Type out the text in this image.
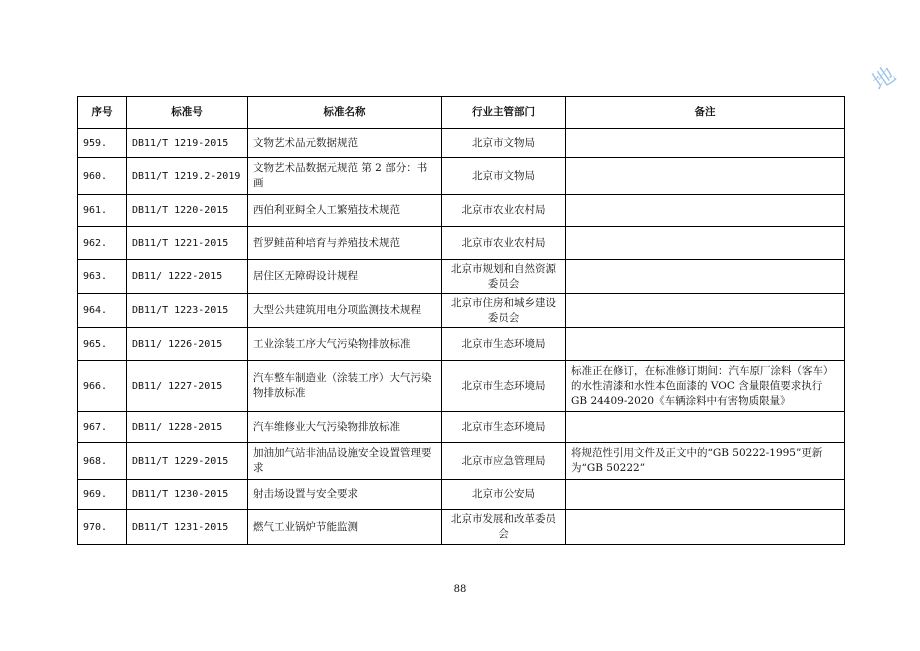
地
序号	标准号	标准名称	行业主管部门	备注
959.	DB11/T 1219-2015	文物艺术品元数据规范	北京市文物局	
960.	DB11/T 1219.2-2019	文物艺术品数据元规范 第 2 部分：书画	北京市文物局	
961.	DB11/T 1220-2015	西伯利亚鲟全人工繁殖技术规范	北京市农业农村局	
962.	DB11/T 1221-2015	哲罗鲑苗种培育与养殖技术规范	北京市农业农村局	
963.	DB11/ 1222-2015	居住区无障碍设计规程	北京市规划和自然资源委员会	
964.	DB11/T 1223-2015	大型公共建筑用电分项监测技术规程	北京市住房和城乡建设委员会	
965.	DB11/ 1226-2015	工业涂装工序大气污染物排放标准	北京市生态环境局	
966.	DB11/ 1227-2015	汽车整车制造业（涂装工序）大气污染物排放标准	北京市生态环境局	标准正在修订，在标准修订期间：汽车原厂涂料（客车）的水性清漆和水性本色面漆的 VOC 含量限值要求执行 GB 24409-2020《车辆涂料中有害物质限量》
967.	DB11/ 1228-2015	汽车维修业大气污染物排放标准	北京市生态环境局	
968.	DB11/T 1229-2015	加油加气站非油品设施安全设置管理要求	北京市应急管理局	将规范性引用文件及正文中的“GB 50222-1995”更新为“GB 50222”
969.	DB11/T 1230-2015	射击场设置与安全要求	北京市公安局	
970.	DB11/T 1231-2015	燃气工业锅炉节能监测	北京市发展和改革委员会	
88
